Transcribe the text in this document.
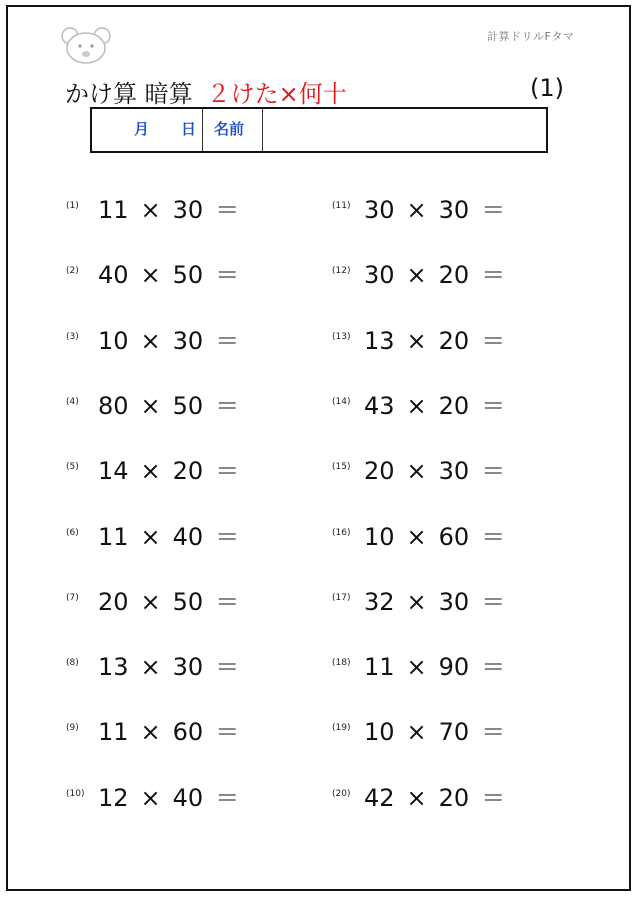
計算ドリルFタマ
かけ算 暗算 ２けた×何十	(1)
月 日 名前
(1) 11 × 30 ＝
(2) 40 × 50 ＝
(3) 10 × 30 ＝
(4) 80 × 50 ＝
(5) 14 × 20 ＝
(6) 11 × 40 ＝
(7) 20 × 50 ＝
(8) 13 × 30 ＝
(9) 11 × 60 ＝
(10) 12 × 40 ＝
(11) 30 × 30 ＝
(12) 30 × 20 ＝
(13) 13 × 20 ＝
(14) 43 × 20 ＝
(15) 20 × 30 ＝
(16) 10 × 60 ＝
(17) 32 × 30 ＝
(18) 11 × 90 ＝
(19) 10 × 70 ＝
(20) 42 × 20 ＝
